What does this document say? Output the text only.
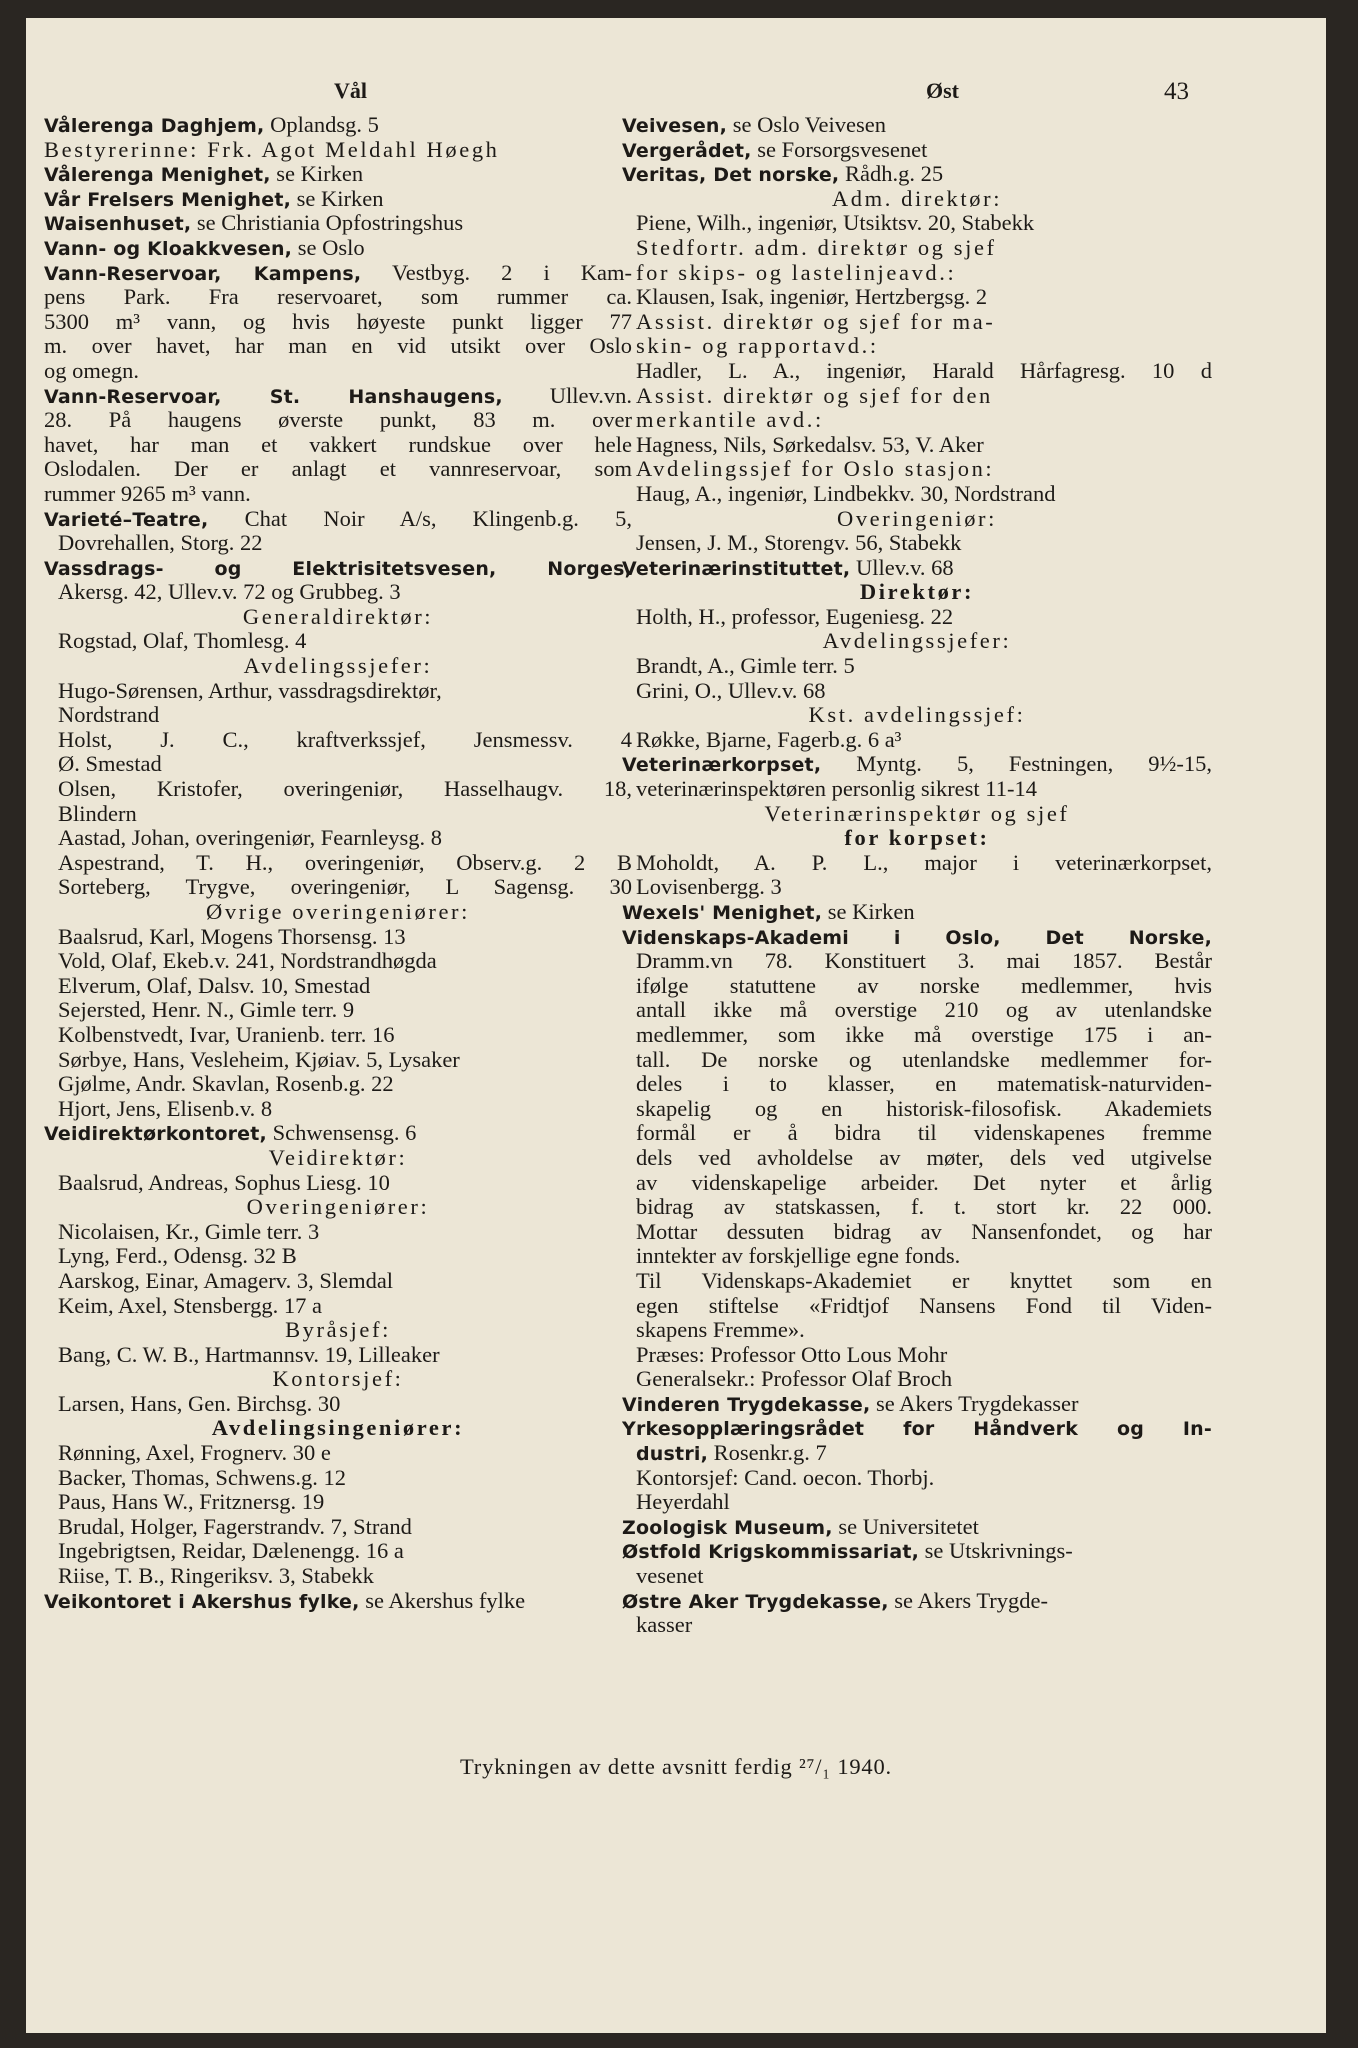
Vål	Øst	43
Vålerenga Daghjem, Oplandsg. 5
Bestyrerinne: Frk. Agot Meldahl Høegh
Vålerenga Menighet, se Kirken
Vår Frelsers Menighet, se Kirken
Waisenhuset, se Christiania Opfostringshus
Vann- og Kloakkvesen, se Oslo
Vann-Reservoar, Kampens, Vestbyg. 2 i Kam-
pens Park. Fra reservoaret, som rummer ca.
5300 m³ vann, og hvis høyeste punkt ligger 77
m. over havet, har man en vid utsikt over Oslo
og omegn.
Vann-Reservoar, St. Hanshaugens, Ullev.vn.
28. På haugens øverste punkt, 83 m. over
havet, har man et vakkert rundskue over hele
Oslodalen. Der er anlagt et vannreservoar, som
rummer 9265 m³ vann.
Varieté–Teatre, Chat Noir A/s, Klingenb.g. 5,
Dovrehallen, Storg. 22
Vassdrags- og Elektrisitetsvesen, Norges,
Akersg. 42, Ullev.v. 72 og Grubbeg. 3
Generaldirektør:
Rogstad, Olaf, Thomlesg. 4
Avdelingssjefer:
Hugo-Sørensen, Arthur, vassdragsdirektør,
Nordstrand
Holst, J. C., kraftverkssjef, Jensmessv. 4
Ø. Smestad
Olsen, Kristofer, overingeniør, Hasselhaugv. 18,
Blindern
Aastad, Johan, overingeniør, Fearnleysg. 8
Aspestrand, T. H., overingeniør, Observ.g. 2 B
Sorteberg, Trygve, overingeniør, L Sagensg. 30
Øvrige overingeniører:
Baalsrud, Karl, Mogens Thorsensg. 13
Vold, Olaf, Ekeb.v. 241, Nordstrandhøgda
Elverum, Olaf, Dalsv. 10, Smestad
Sejersted, Henr. N., Gimle terr. 9
Kolbenstvedt, Ivar, Uranienb. terr. 16
Sørbye, Hans, Vesleheim, Kjøiav. 5, Lysaker
Gjølme, Andr. Skavlan, Rosenb.g. 22
Hjort, Jens, Elisenb.v. 8
Veidirektørkontoret, Schwensensg. 6
Veidirektør:
Baalsrud, Andreas, Sophus Liesg. 10
Overingeniører:
Nicolaisen, Kr., Gimle terr. 3
Lyng, Ferd., Odensg. 32 B
Aarskog, Einar, Amagerv. 3, Slemdal
Keim, Axel, Stensbergg. 17 a
Byråsjef:
Bang, C. W. B., Hartmannsv. 19, Lilleaker
Kontorsjef:
Larsen, Hans, Gen. Birchsg. 30
Avdelingsingeniører:
Rønning, Axel, Frognerv. 30 e
Backer, Thomas, Schwens.g. 12
Paus, Hans W., Fritznersg. 19
Brudal, Holger, Fagerstrandv. 7, Strand
Ingebrigtsen, Reidar, Dælenengg. 16 a
Riise, T. B., Ringeriksv. 3, Stabekk
Veikontoret i Akershus fylke, se Akershus fylke
Veivesen, se Oslo Veivesen
Vergerådet, se Forsorgsvesenet
Veritas, Det norske, Rådh.g. 25
Adm. direktør:
Piene, Wilh., ingeniør, Utsiktsv. 20, Stabekk
Stedfortr. adm. direktør og sjef
for skips- og lastelinjeavd.:
Klausen, Isak, ingeniør, Hertzbergsg. 2
Assist. direktør og sjef for ma-
skin- og rapportavd.:
Hadler, L. A., ingeniør, Harald Hårfagresg. 10 d
Assist. direktør og sjef for den
merkantile avd.:
Hagness, Nils, Sørkedalsv. 53, V. Aker
Avdelingssjef for Oslo stasjon:
Haug, A., ingeniør, Lindbekkv. 30, Nordstrand
Overingeniør:
Jensen, J. M., Storengv. 56, Stabekk
Veterinærinstituttet, Ullev.v. 68
Direktør:
Holth, H., professor, Eugeniesg. 22
Avdelingssjefer:
Brandt, A., Gimle terr. 5
Grini, O., Ullev.v. 68
Kst. avdelingssjef:
Røkke, Bjarne, Fagerb.g. 6 a³
Veterinærkorpset, Myntg. 5, Festningen, 9½-15,
veterinærinspektøren personlig sikrest 11-14
Veterinærinspektør og sjef
for korpset:
Moholdt, A. P. L., major i veterinærkorpset,
Lovisenbergg. 3
Wexels' Menighet, se Kirken
Videnskaps-Akademi i Oslo, Det Norske,
Dramm.vn 78. Konstituert 3. mai 1857. Består
ifølge statuttene av norske medlemmer, hvis
antall ikke må overstige 210 og av utenlandske
medlemmer, som ikke må overstige 175 i an-
tall. De norske og utenlandske medlemmer for-
deles i to klasser, en matematisk-naturviden-
skapelig og en historisk-filosofisk. Akademiets
formål er å bidra til videnskapenes fremme
dels ved avholdelse av møter, dels ved utgivelse
av videnskapelige arbeider. Det nyter et årlig
bidrag av statskassen, f. t. stort kr. 22 000.
Mottar dessuten bidrag av Nansenfondet, og har
inntekter av forskjellige egne fonds.
Til Videnskaps-Akademiet er knyttet som en
egen stiftelse «Fridtjof Nansens Fond til Viden-
skapens Fremme».
Præses: Professor Otto Lous Mohr
Generalsekr.: Professor Olaf Broch
Vinderen Trygdekasse, se Akers Trygdekasser
Yrkesopplæringsrådet for Håndverk og In-
dustri, Rosenkr.g. 7
Kontorsjef: Cand. oecon. Thorbj.
Heyerdahl
Zoologisk Museum, se Universitetet
Østfold Krigskommissariat, se Utskrivnings-
vesenet
Østre Aker Trygdekasse, se Akers Trygde-
kasser
Trykningen av dette avsnitt ferdig ²⁷/₁ 1940.
